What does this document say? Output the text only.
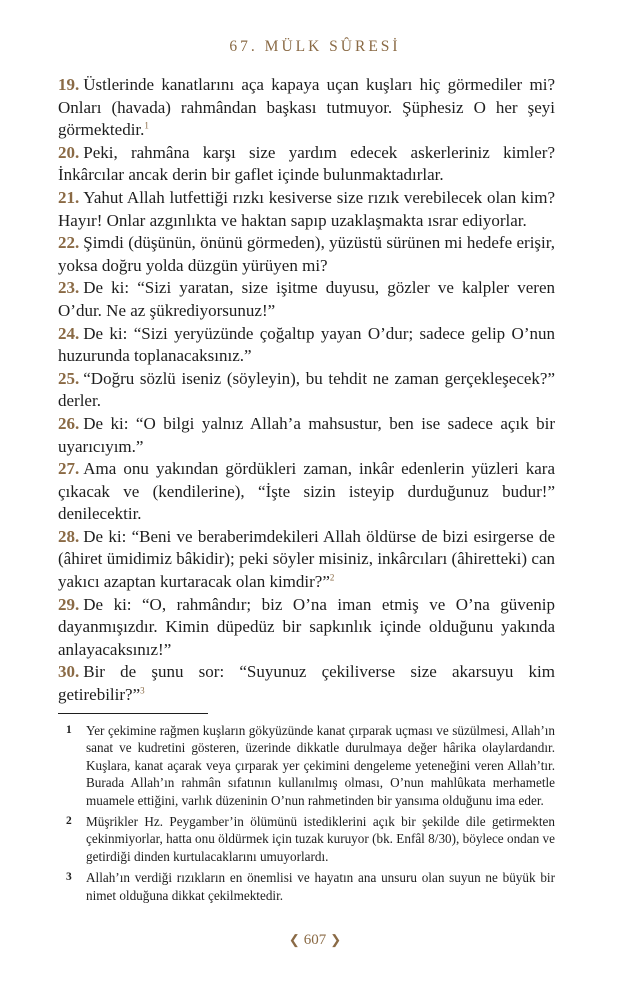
67. MÜLK SÛRESİ

19. Üstlerinde kanatlarını aça kapaya uçan kuşları hiç görmediler mi? Onları (havada) rahmândan başkası tutmuyor. Şüphesiz O her şeyi görmektedir.$^1$

20. Peki, rahmâna karşı size yardım edecek askerleriniz kimler? İnkârcılar ancak derin bir gaflet içinde bulunmaktadırlar.

21. Yahut Allah lutfettiği rızkı kesiverse size rızık verebilecek olan kim? Hayır! Onlar azgınlıkta ve haktan sapıp uzaklaşmakta ısrar ediyorlar.

22. Şimdi (düşünün, önünü görmeden), yüzüstü sürünen mi hedefe erişir, yoksa doğru yolda düzgün yürüyen mi?

23. De ki: “Sizi yaratan, size işitme duyusu, gözler ve kalpler veren O’dur. Ne az şükrediyorsunuz!”

24. De ki: “Sizi yeryüzünde çoğaltıp yayan O’dur; sadece gelip O’nun huzurunda toplanacaksınız.”

25. “Doğru sözlü iseniz (söyleyin), bu tehdit ne zaman gerçekleşecek?” derler.

26. De ki: “O bilgi yalnız Allah’a mahsustur, ben ise sadece açık bir uyarıcıyım.”

27. Ama onu yakından gördükleri zaman, inkâr edenlerin yüzleri kara çıkacak ve (kendilerine), “İşte sizin isteyip durduğunuz budur!” denilecektir.

28. De ki: “Beni ve beraberimdekileri Allah öldürse de bizi esirgerse de (âhiret ümidimiz bâkidir); peki söyler misiniz, inkârcıları (âhiretteki) can yakıcı azaptan kurtaracak olan kimdir?”$^2$

29. De ki: “O, rahmândır; biz O’na iman etmiş ve O’na güvenip dayanmışızdır. Kimin düpedüz bir sapkınlık içinde olduğunu yakında anlayacaksınız!”

30. Bir de şunu sor: “Suyunuz çekiliverse size akarsuyu kim getirebilir?”$^3$

1	Yer çekimine rağmen kuşların gökyüzünde kanat çırparak uçması ve süzülmesi, Allah’ın sanat ve kudretini gösteren, üzerinde dikkatle durulmaya değer hârika olaylardandır. Kuşlara, kanat açarak veya çırparak yer çekimini dengeleme yeteneğini veren Allah’tır. Burada Allah’ın rahmân sıfatının kullanılmış olması, O’nun mahlûkata merhametle muamele ettiğini, varlık düzeninin O’nun rahmetinden bir yansıma olduğunu ima eder.
2	Müşrikler Hz. Peygamber’in ölümünü istediklerini açık bir şekilde dile getirmekten çekinmiyorlar, hatta onu öldürmek için tuzak kuruyor (bk. Enfâl 8/30), böylece ondan ve getirdiği dinden kurtulacaklarını umuyorlardı.
3	Allah’ın verdiği rızıkların en önemlisi ve hayatın ana unsuru olan suyun ne büyük bir nimet olduğuna dikkat çekilmektedir.
❮ 607 ❯
